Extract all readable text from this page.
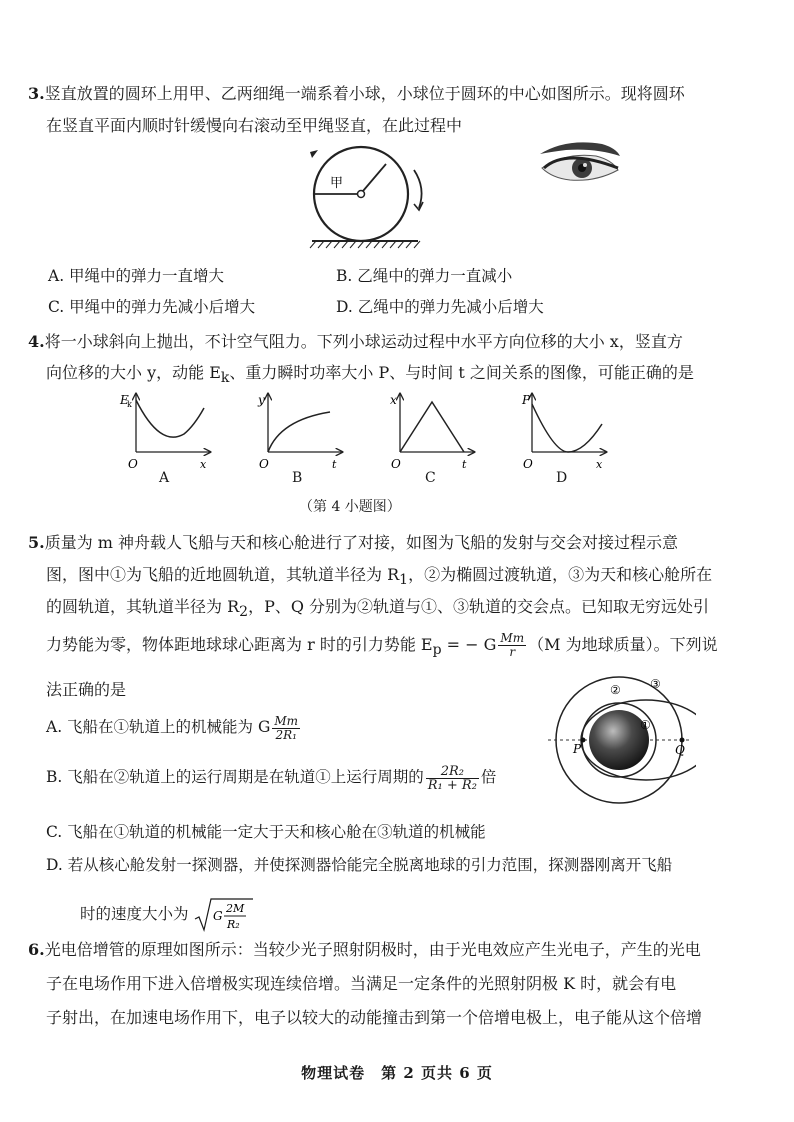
3.竖直放置的圆环上用甲、乙两细绳一端系着小球，小球位于圆环的中心如图所示。现将圆环
在竖直平面内顺时针缓慢向右滚动至甲绳竖直，在此过程中
甲
A. 甲绳中的弹力一直增大	B. 乙绳中的弹力一直减小
C. 甲绳中的弹力先减小后增大	D. 乙绳中的弹力先减小后增大
4.将一小球斜向上抛出，不计空气阻力。下列小球运动过程中水平方向位移的大小 x，竖直方
向位移的大小 y，动能 $E_k$、重力瞬时功率大小 P、与时间 t 之间关系的图像，可能正确的是
E
k
x
O
y
t
O
x
t
O
P
x
O
A	B	C	D
（第 4 小题图）
5.质量为 m 神舟载人飞船与天和核心舱进行了对接，如图为飞船的发射与交会对接过程示意
图，图中①为飞船的近地圆轨道，其轨道半径为 $R_1$，②为椭圆过渡轨道，③为天和核心舱所在
的圆轨道，其轨道半径为 $R_2$，P、Q 分别为②轨道与①、③轨道的交会点。已知取无穷远处引
力势能为零，物体距地球球心距离为 r 时的引力势能 $E_p$ = − G $\frac{Mm}{r} (M$ 为地球质量）。下列说
法正确的是
A. 飞船在①轨道上的机械能为 G $\frac{Mm}{\text{2R₁}}$
B. 飞船在②轨道上的运行周期是在轨道①上运行周期的 $\frac{\text{2R₂}}{\text{R₁ + R₂}}$ 倍
C. 飞船在①轨道的机械能一定大于天和核心舱在③轨道的机械能
D. 若从核心舱发射一探测器，并使探测器恰能完全脱离地球的引力范围，探测器刚离开飞船
时的速度大小为 G
2M
R₂
P	Q
①
② ③
6.光电倍增管的原理如图所示：当较少光子照射阴极时，由于光电效应产生光电子，产生的光电
子在电场作用下进入倍增极实现连续倍增。当满足一定条件的光照射阴极 K 时，就会有电
子射出，在加速电场作用下，电子以较大的动能撞击到第一个倍增电极上，电子能从这个倍增
物理试卷　第 2 页共 6 页
